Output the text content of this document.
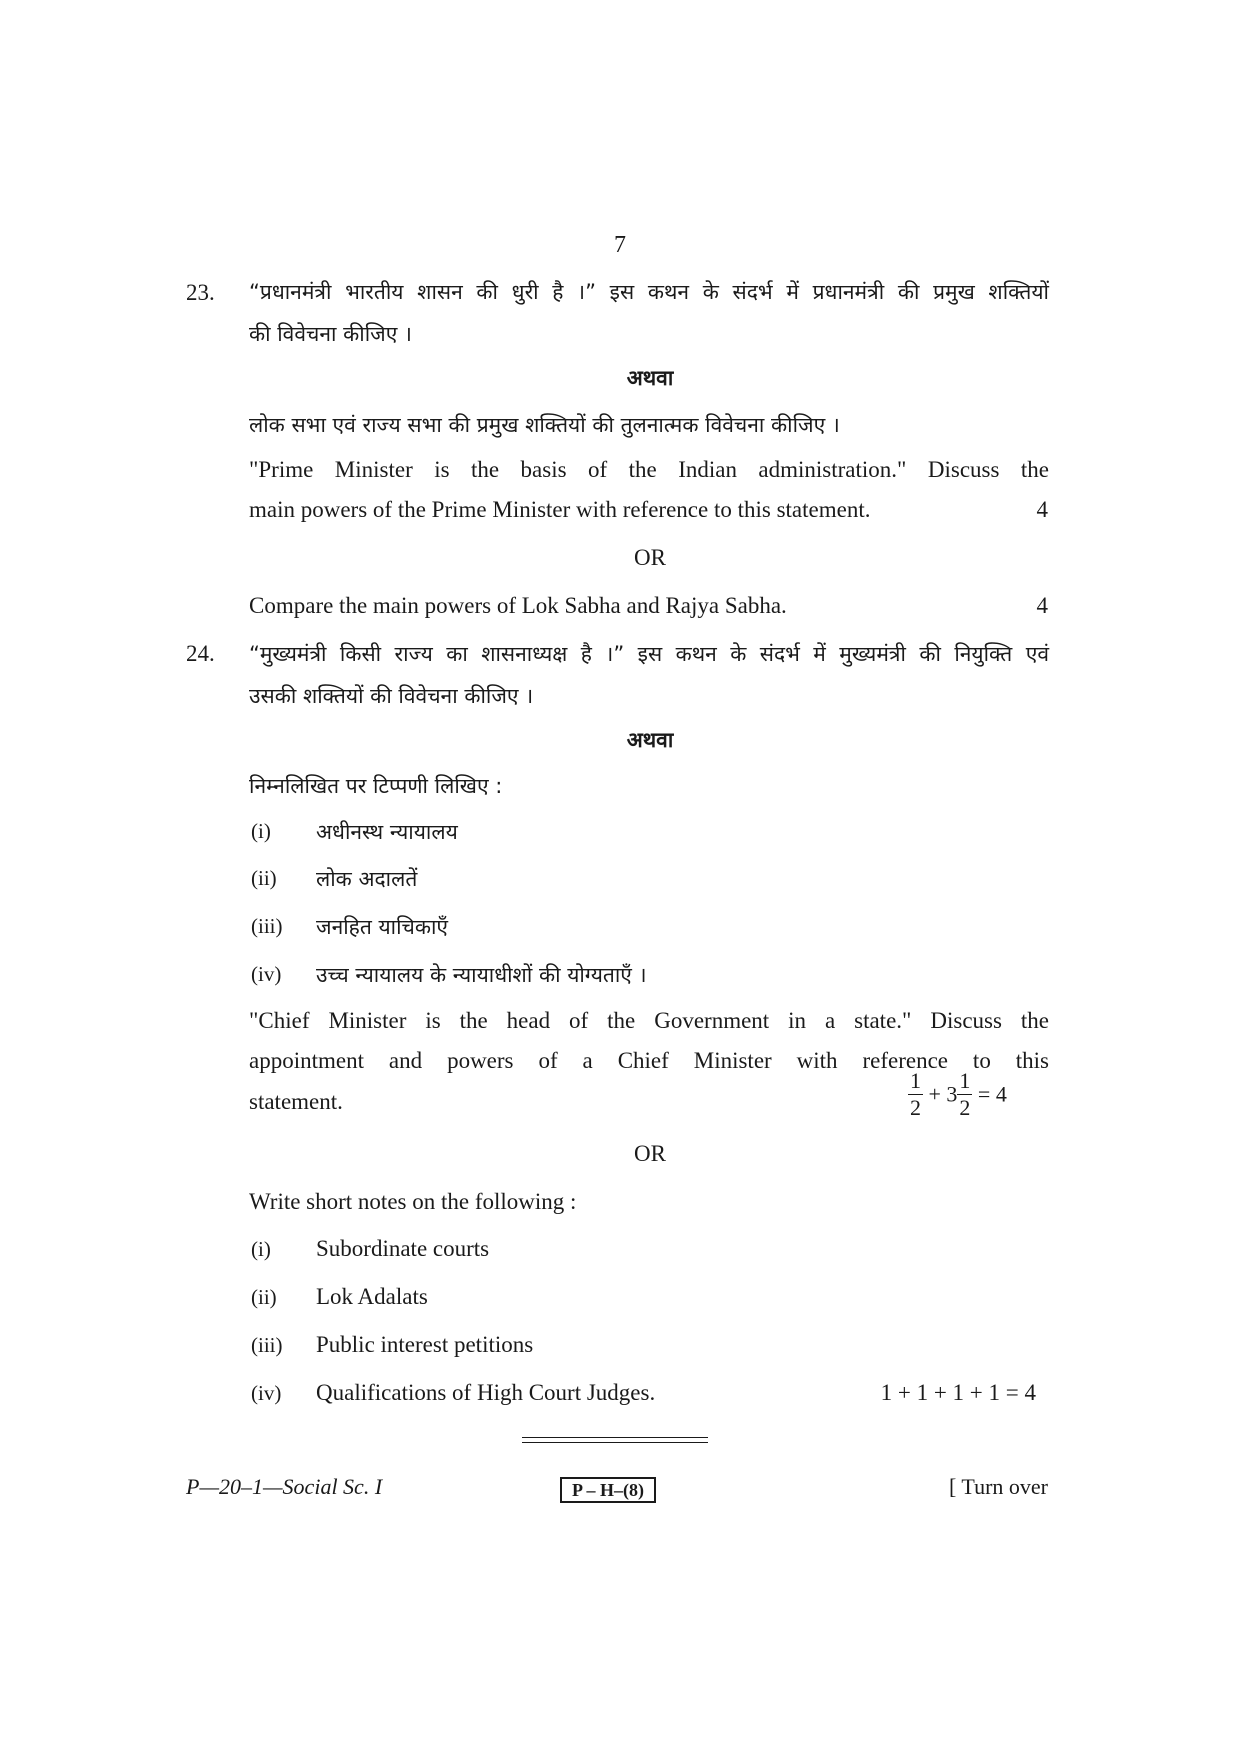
7
23. “प्रधानमंत्री भारतीय शासन की धुरी है ।” इस कथन के संदर्भ में प्रधानमंत्री की प्रमुख शक्तियों
की विवेचना कीजिए ।
अथवा
लोक सभा एवं राज्य सभा की प्रमुख शक्तियों की तुलनात्मक विवेचना कीजिए ।
"Prime Minister is the basis of the Indian administration." Discuss the
main powers of the Prime Minister with reference to this statement.	4
OR
Compare the main powers of Lok Sabha and Rajya Sabha.	4
24. “मुख्यमंत्री किसी राज्य का शासनाध्यक्ष है ।” इस कथन के संदर्भ में मुख्यमंत्री की नियुक्ति एवं
उसकी शक्तियों की विवेचना कीजिए ।
अथवा
निम्नलिखित पर टिप्पणी लिखिए :
(i) अधीनस्थ न्यायालय
(ii) लोक अदालतें
(iii) जनहित याचिकाएँ
(iv) उच्च न्यायालय के न्यायाधीशों की योग्यताएँ ।
"Chief Minister is the head of the Government in a state." Discuss the
appointment and powers of a Chief Minister with reference to this
statement.	$\frac{1}{2} + 3 \frac{1}{2} = 4$
OR
Write short notes on the following :
(i) Subordinate courts
(ii) Lok Adalats
(iii) Public interest petitions
(iv) Qualifications of High Court Judges.	1 + 1 + 1 + 1 = 4
P—20–1—Social Sc. I	P – H–(8)	[ Turn over
